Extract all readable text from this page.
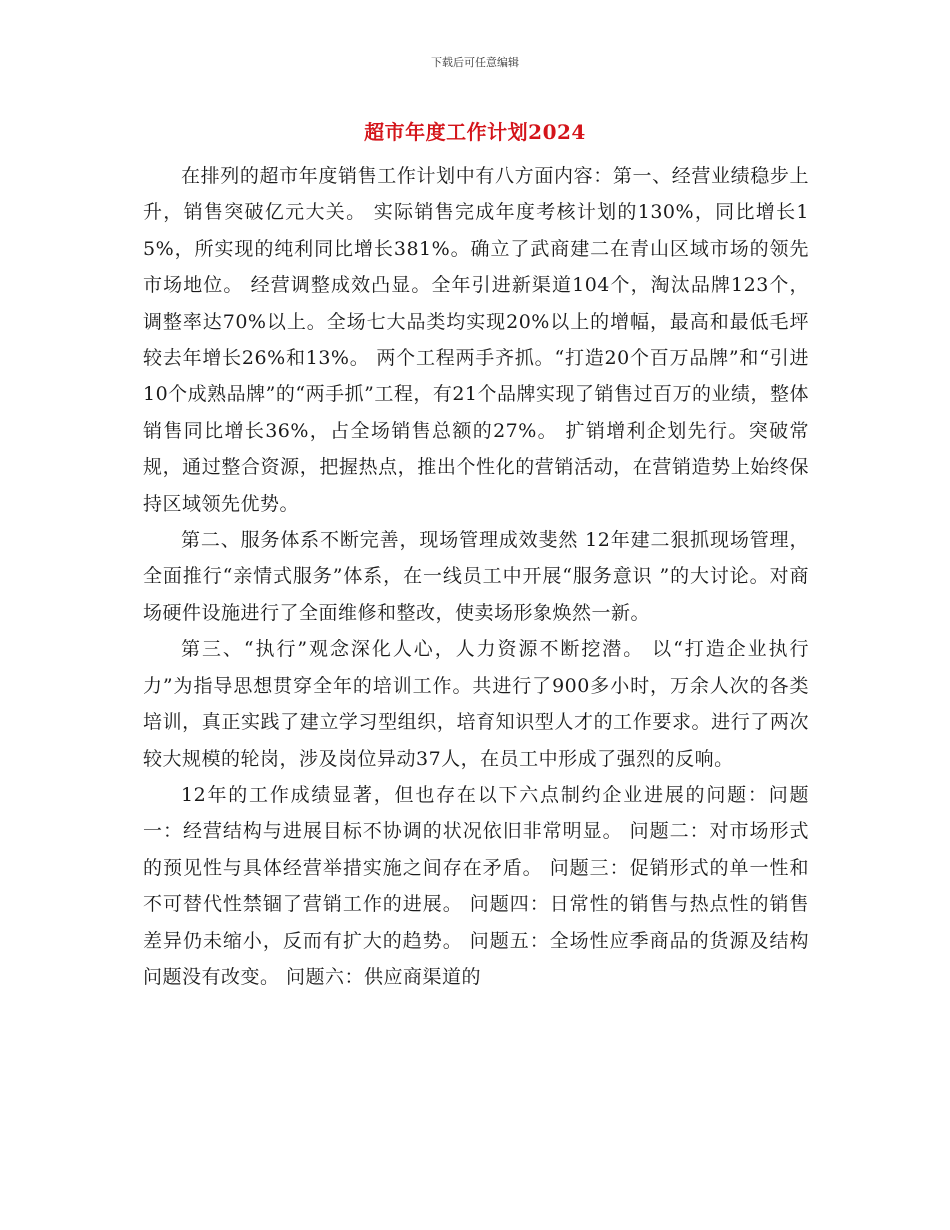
下载后可任意编辑
超市年度工作计划2024

在排列的超市年度销售工作计划中有八方面内容：第一、经营业绩稳步上升，销售突破亿元大关。 实际销售完成年度考核计划的130%，同比增长15%，所实现的纯利同比增长381%。确立了武商建二在青山区域市场的领先市场地位。 经营调整成效凸显。全年引进新渠道104个，淘汰品牌123个，调整率达70%以上。全场七大品类均实现20%以上的增幅，最高和最低毛坪较去年增长26%和13%。 两个工程两手齐抓。“打造20个百万品牌”和“引进10个成熟品牌”的“两手抓”工程，有21个品牌实现了销售过百万的业绩，整体销售同比增长36%，占全场销售总额的27%。 扩销增利企划先行。突破常规，通过整合资源，把握热点，推出个性化的营销活动，在营销造势上始终保持区域领先优势。

第二、服务体系不断完善，现场管理成效斐然 12年建二狠抓现场管理，全面推行“亲情式服务”体系，在一线员工中开展“服务意识 ”的大讨论。对商场硬件设施进行了全面维修和整改，使卖场形象焕然一新。

第三、“执行”观念深化人心，人力资源不断挖潜。 以“打造企业执行力”为指导思想贯穿全年的培训工作。共进行了900多小时，万余人次的各类培训，真正实践了建立学习型组织，培育知识型人才的工作要求。进行了两次较大规模的轮岗，涉及岗位异动37人，在员工中形成了强烈的反响。

12年的工作成绩显著，但也存在以下六点制约企业进展的问题：问题一：经营结构与进展目标不协调的状况依旧非常明显。 问题二：对市场形式的预见性与具体经营举措实施之间存在矛盾。 问题三：促销形式的单一性和不可替代性禁锢了营销工作的进展。 问题四：日常性的销售与热点性的销售差异仍未缩小，反而有扩大的趋势。 问题五：全场性应季商品的货源及结构问题没有改变。 问题六：供应商渠道的
